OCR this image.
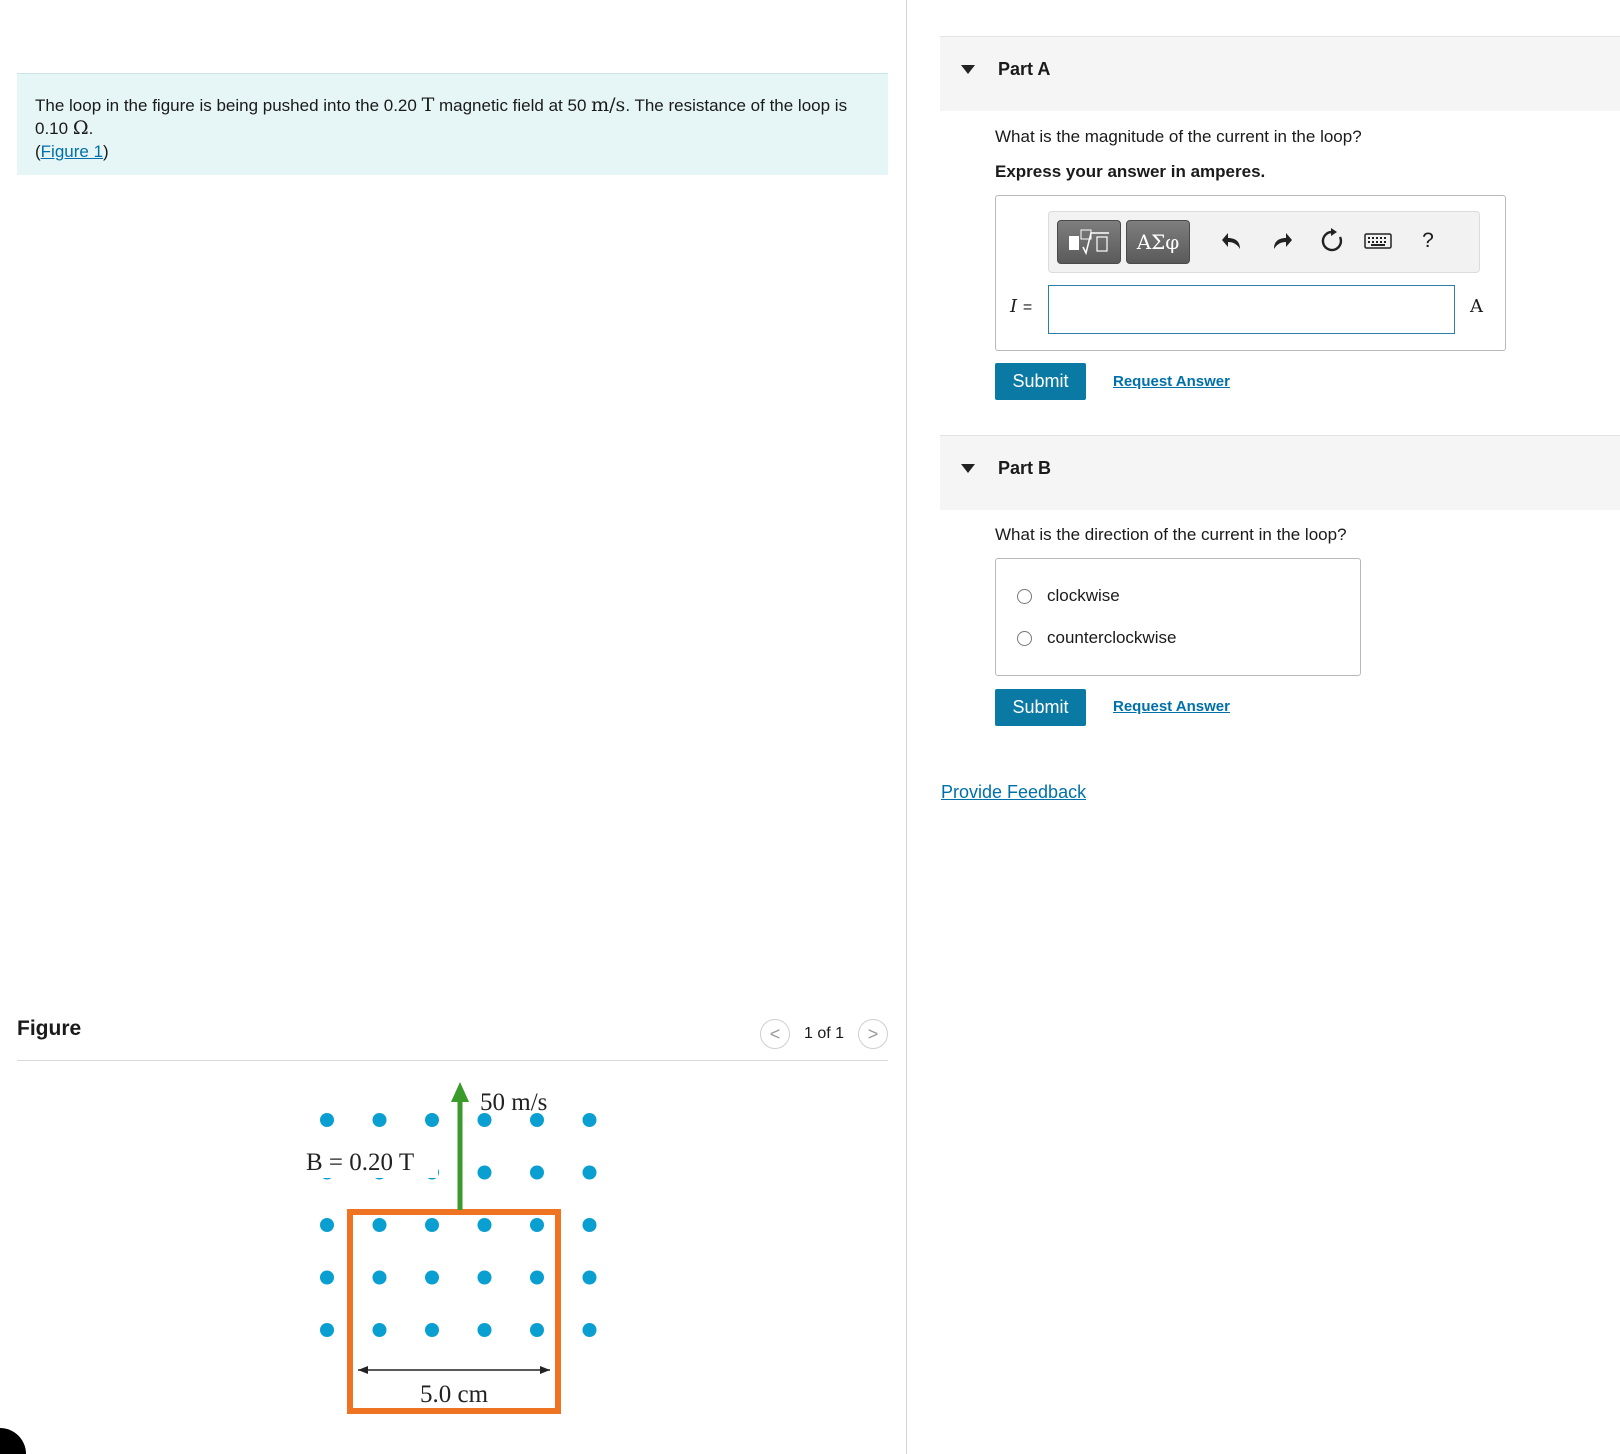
The loop in the figure is being pushed into the 0.20 T magnetic field at 50 m/s. The resistance of the loop is
0.10 Ω.
(Figure 1)
Figure	< 1 of 1 >
50 m/s
B = 0.20 T
5.0 cm
Part A
What is the magnitude of the current in the loop?
Express your answer in amperes.
ΑΣφ	?
I =	A
Submit	Request Answer
Part B
What is the direction of the current in the loop?
clockwise
counterclockwise
Submit	Request Answer
Provide Feedback
